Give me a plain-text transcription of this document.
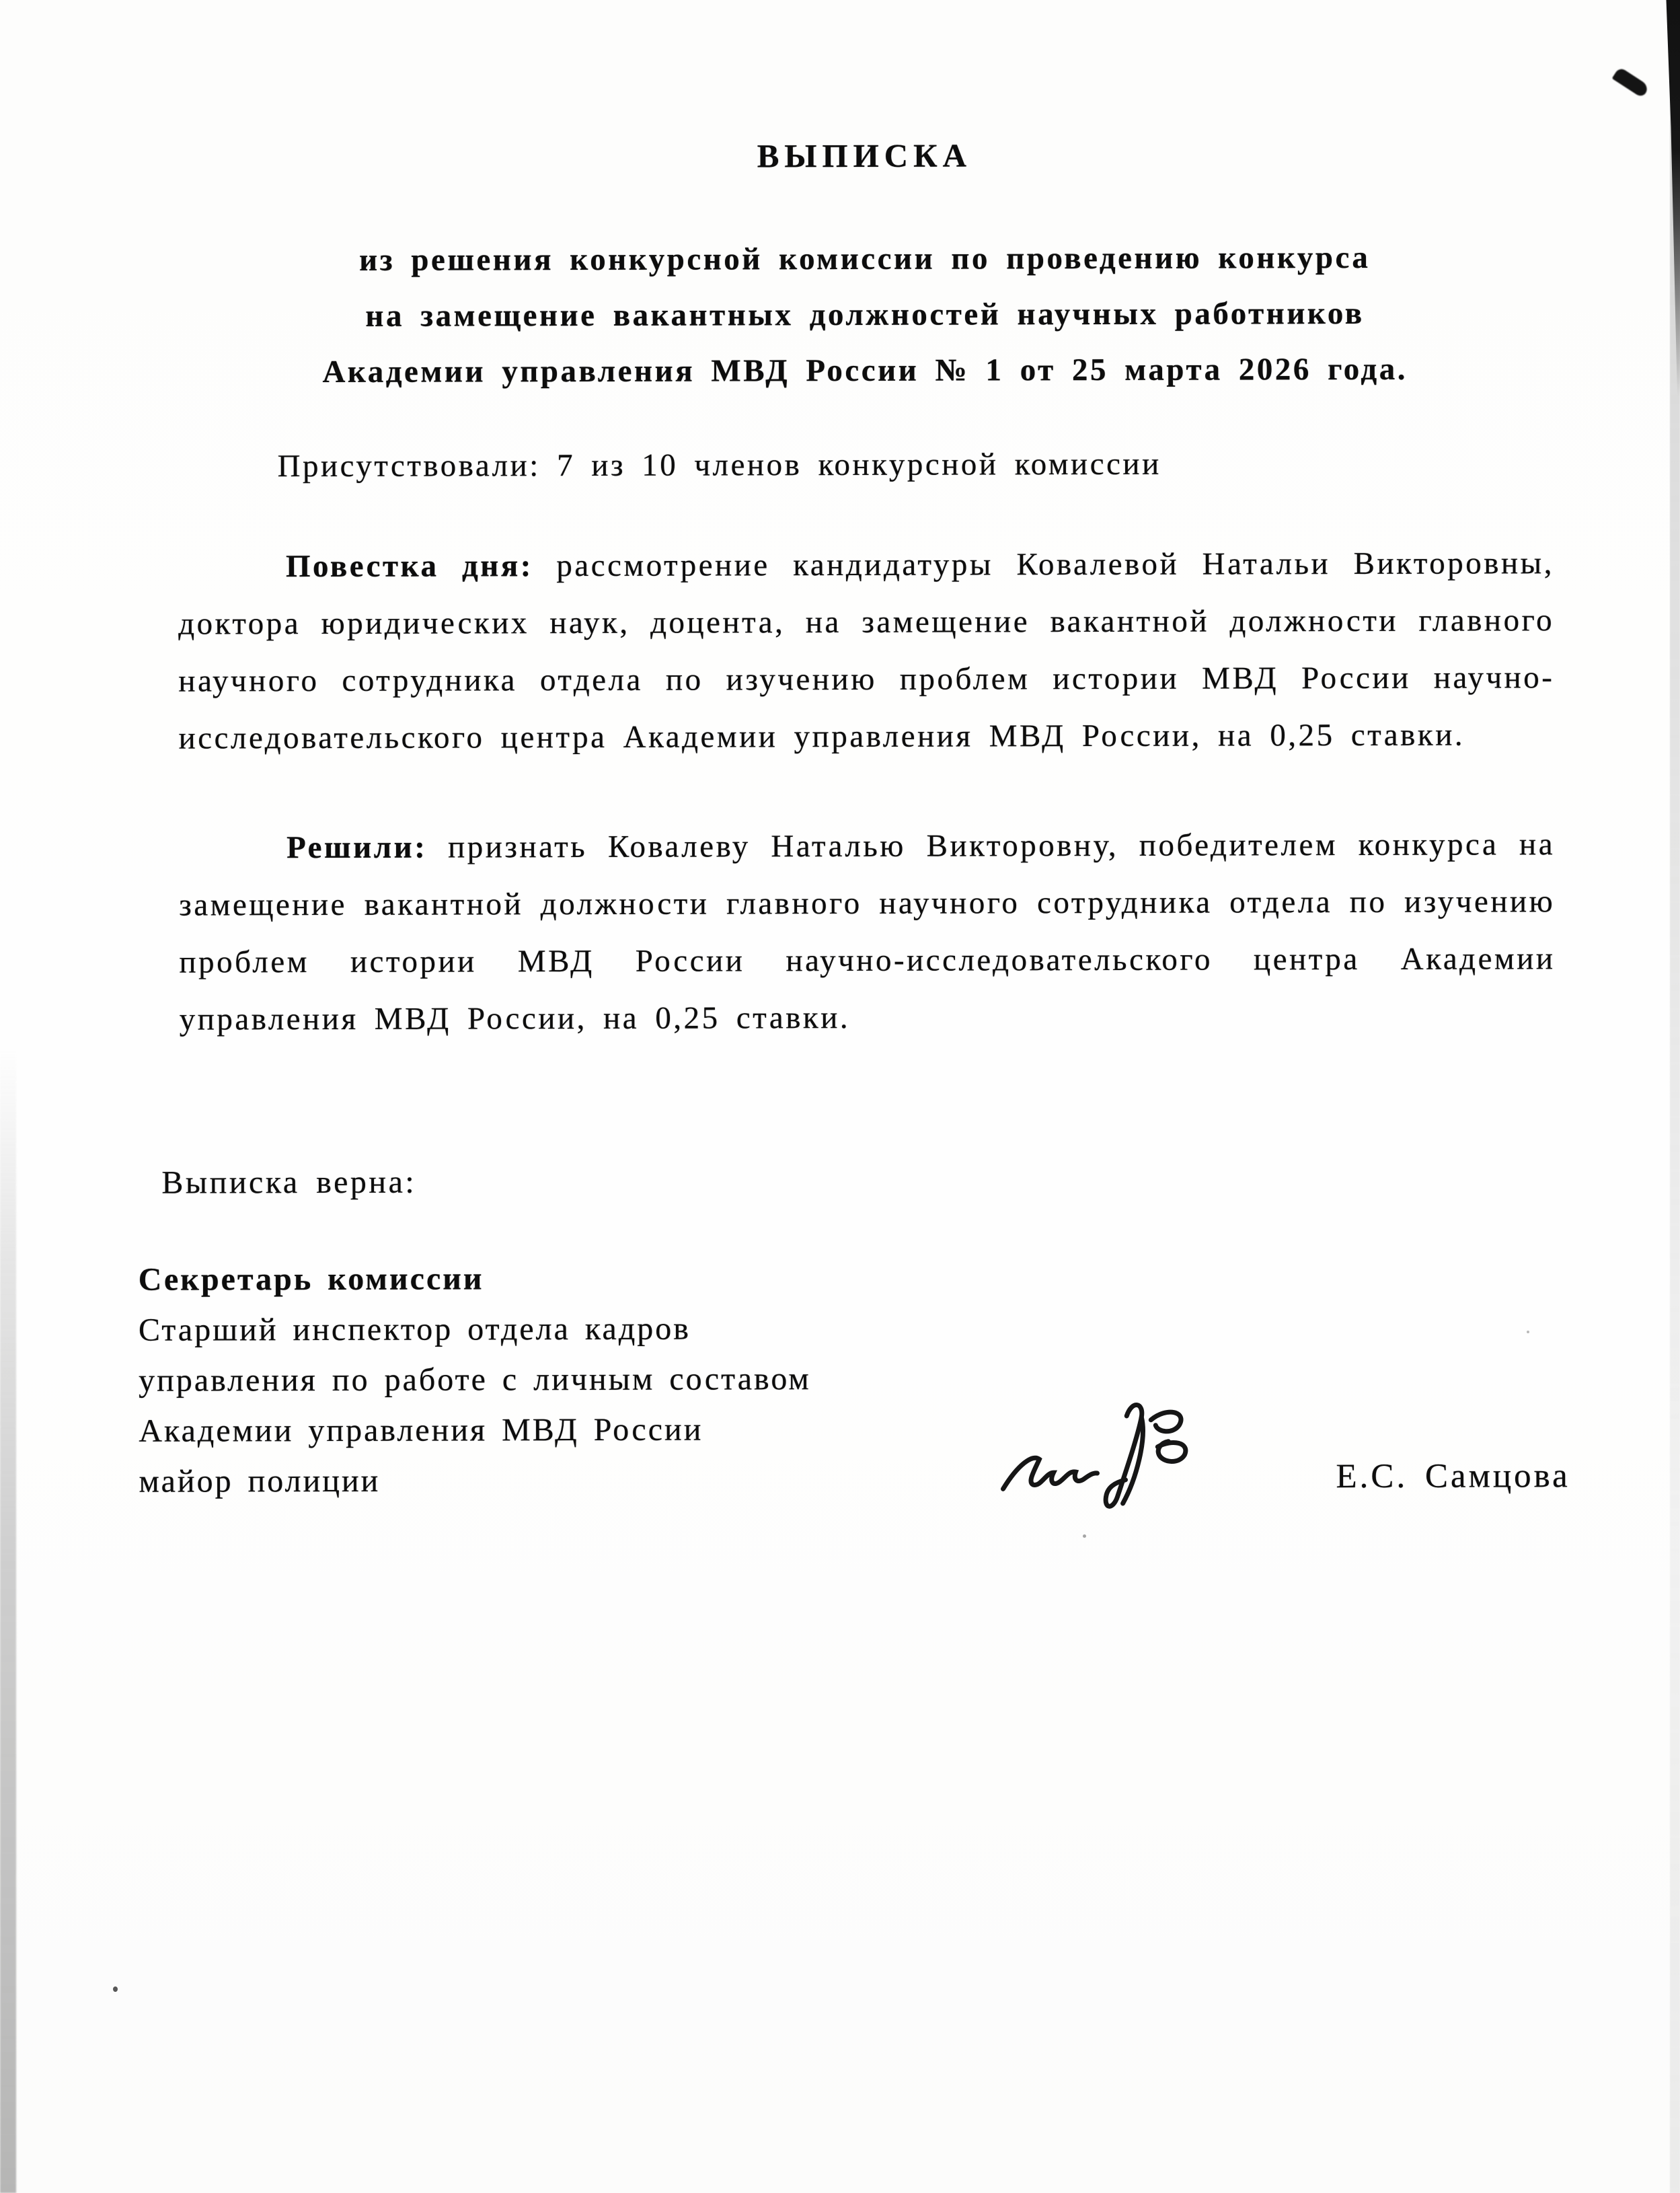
ВЫПИСКА
из решения конкурсной комиссии по проведению конкурса
на замещение вакантных должностей научных работников
Академии управления МВД России № 1 от 25 марта 2026 года.
Присутствовали: 7 из 10 членов конкурсной комиссии
Повестка дня: рассмотрение кандидатуры Ковалевой Натальи Викторовны, доктора юридических наук, доцента, на замещение вакантной должности главного научного сотрудника отдела по изучению проблем истории МВД России научно-исследовательского центра Академии управления МВД России, на 0,25 ставки.
Решили: признать Ковалеву Наталью Викторовну, победителем конкурса на замещение вакантной должности главного научного сотрудника отдела по изучению проблем истории МВД России научно-исследовательского центра Академии управления МВД России, на 0,25 ставки.
Выписка верна:
Секретарь комиссии
Старший инспектор отдела кадров
управления по работе с личным составом
Академии управления МВД России
майор полиции	Е.С. Самцова
